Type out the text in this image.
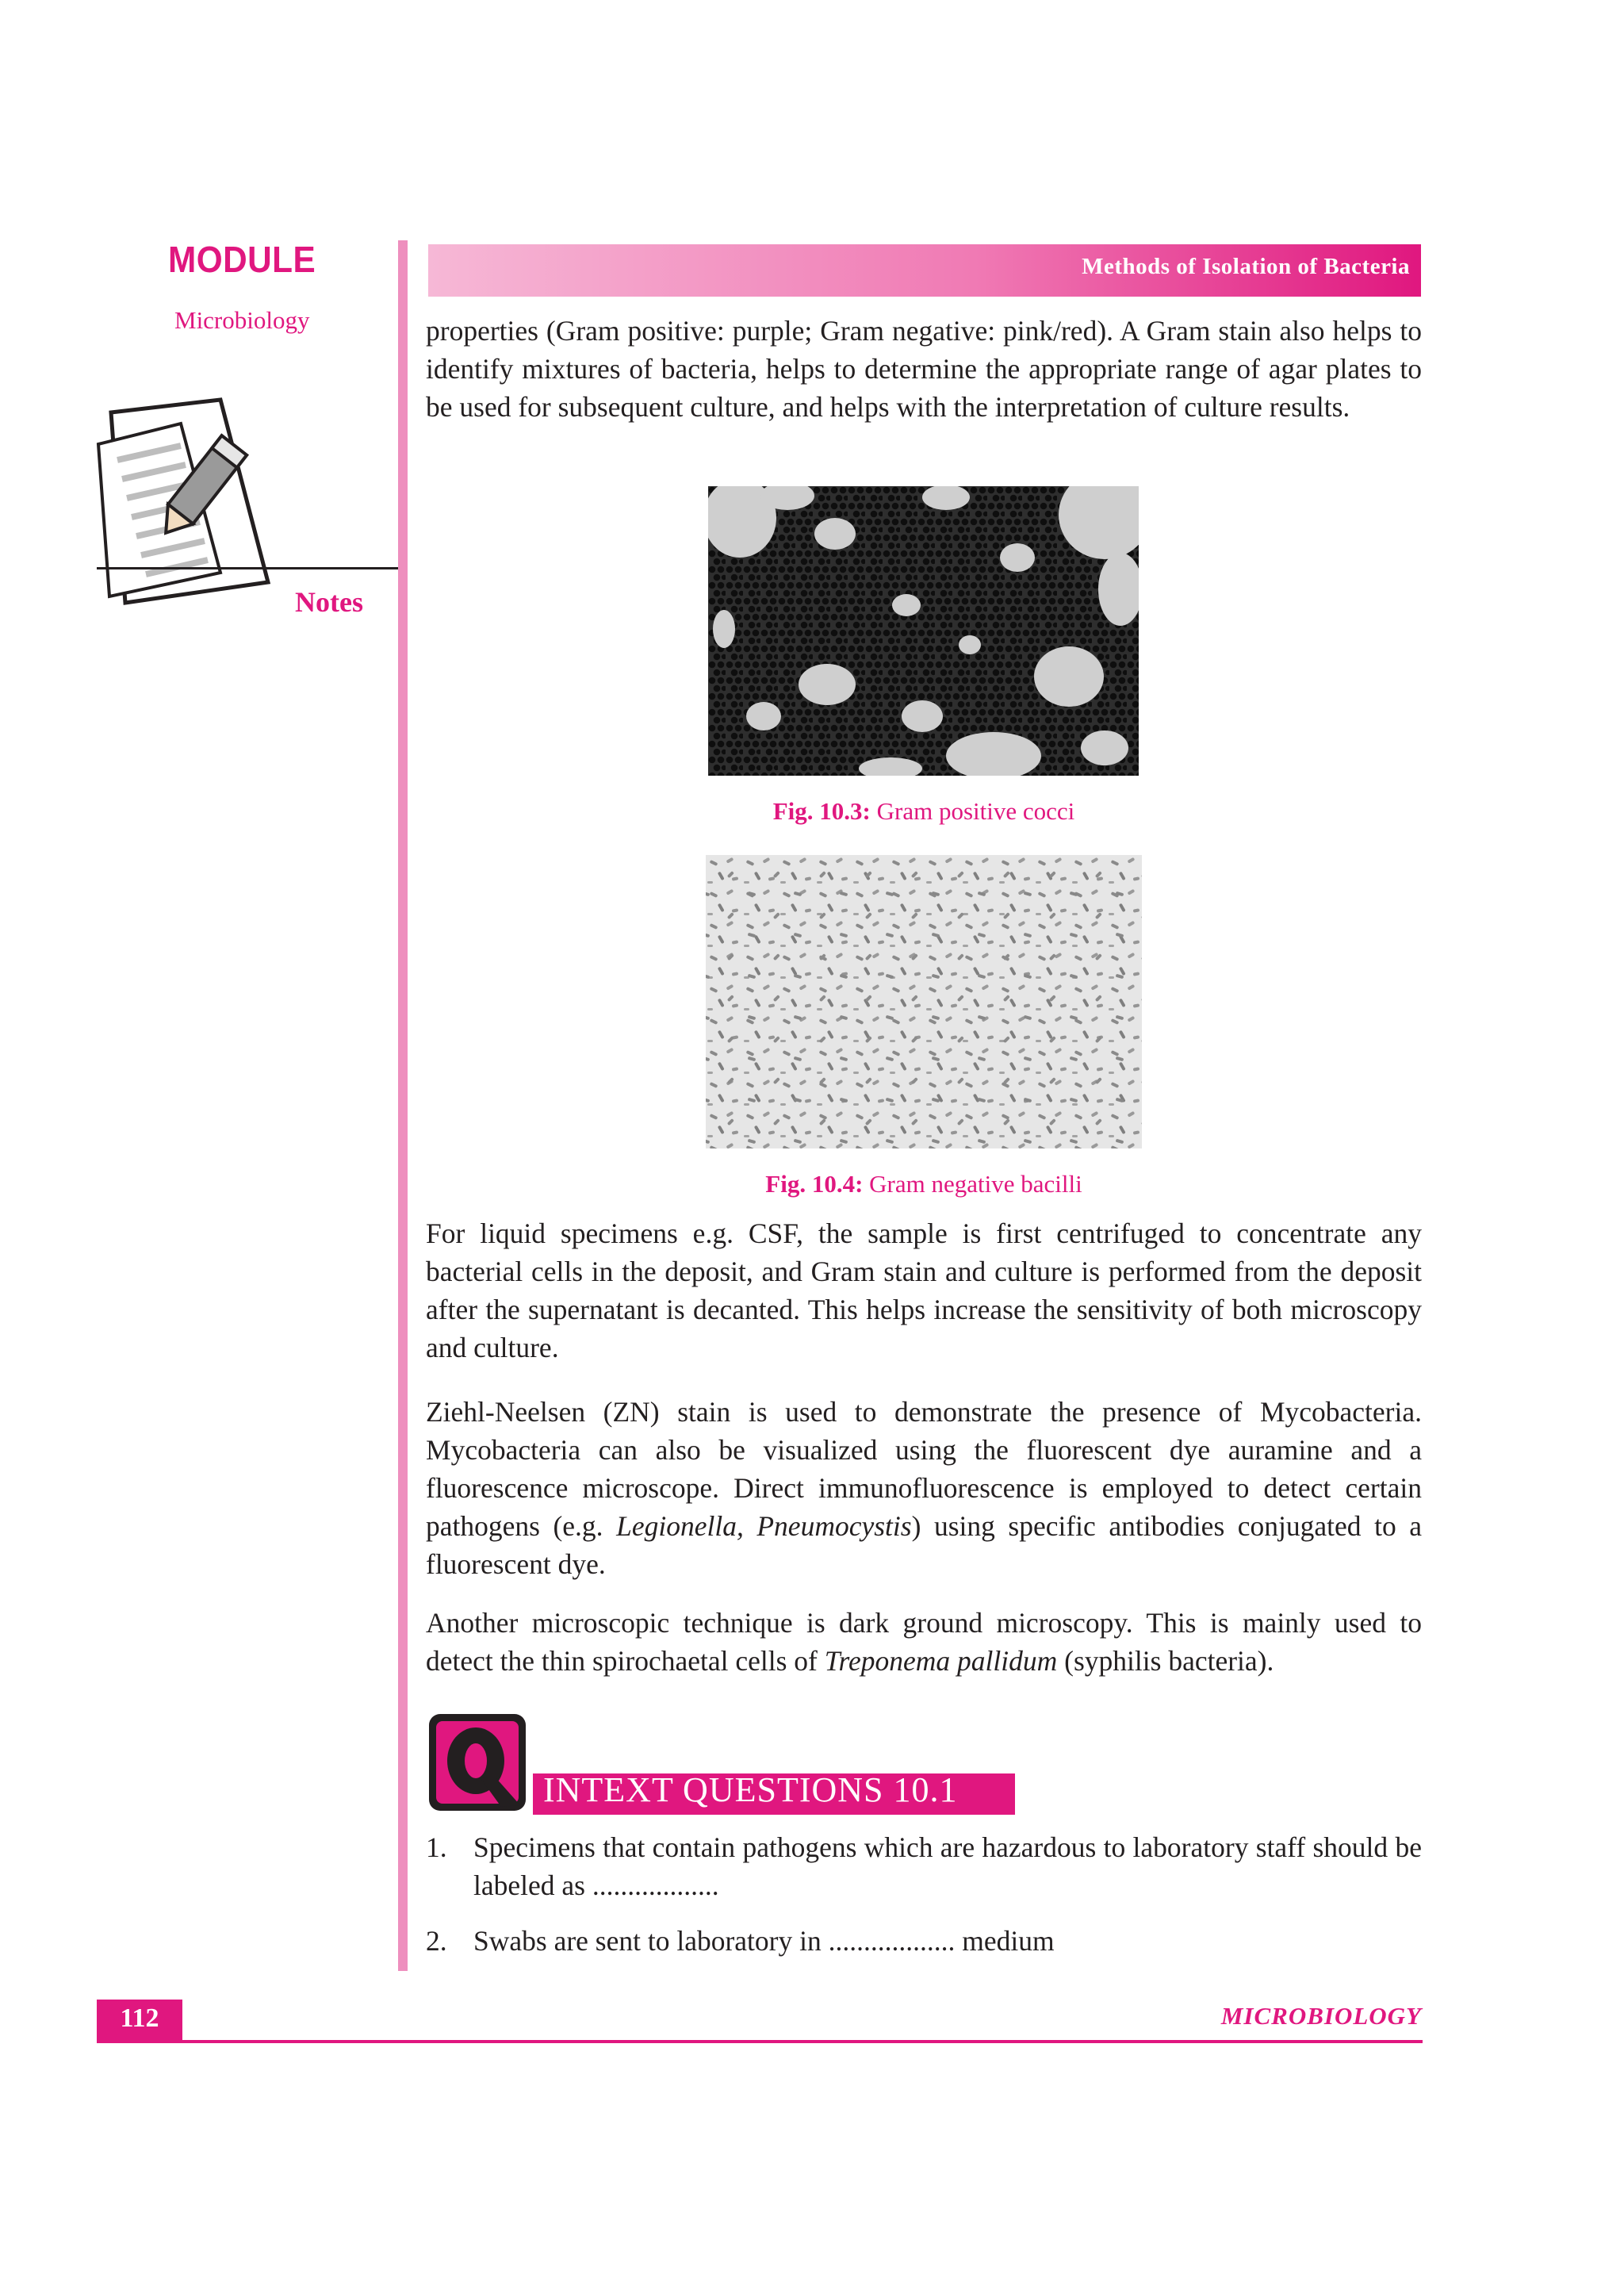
MODULE
Microbiology
Notes
Methods of Isolation of Bacteria

properties (Gram positive: purple; Gram negative: pink/red). A Gram stain also helps to identify mixtures of bacteria, helps to determine the appropriate range of agar plates to be used for subsequent culture, and helps with the interpretation of culture results.

Fig. 10.3: Gram positive cocci
Fig. 10.4: Gram negative bacilli

For liquid specimens e.g. CSF, the sample is first centrifuged to concentrate any bacterial cells in the deposit, and Gram stain and culture is performed from the deposit after the supernatant is decanted. This helps increase the sensitivity of both microscopy and culture.

Ziehl-Neelsen (ZN) stain is used to demonstrate the presence of Mycobacteria. Mycobacteria can also be visualized using the fluorescent dye auramine and a fluorescence microscope. Direct immunofluorescence is employed to detect certain pathogens (e.g. Legionella, Pneumocystis) using specific antibodies conjugated to a fluorescent dye.

Another microscopic technique is dark ground microscopy. This is mainly used to detect the thin spirochaetal cells of Treponema pallidum (syphilis bacteria).

INTEXT QUESTIONS 10.1
1. Specimens that contain pathogens which are hazardous to laboratory staff should be labeled as ..................
2. Swabs are sent to laboratory in .................. medium
112	MICROBIOLOGY
